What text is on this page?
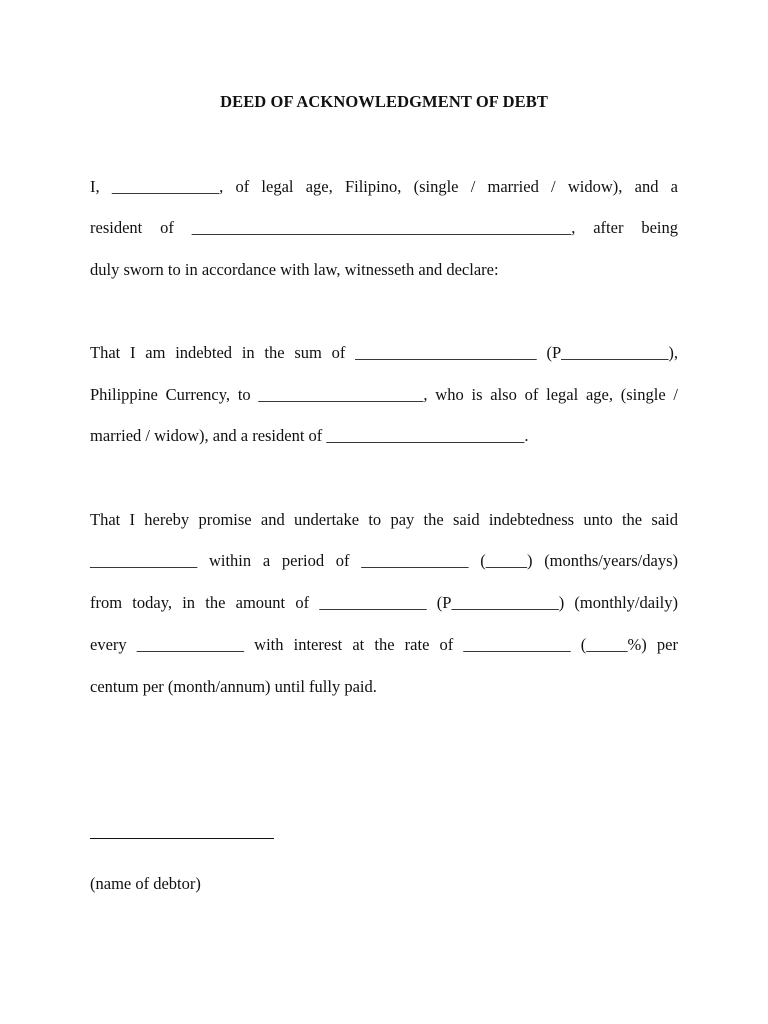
DEED OF ACKNOWLEDGMENT OF DEBT
I, _____________, of legal age, Filipino, (single / married / widow), and a
resident of ______________________________________________, after being
duly sworn to in accordance with law, witnesseth and declare:
That I am indebted in the sum of ______________________ (P_____________),
Philippine Currency, to ____________________, who is also of legal age, (single /
married / widow), and a resident of ________________________.
That I hereby promise and undertake to pay the said indebtedness unto the said
_____________ within a period of _____________ (_____) (months/years/days)
from today, in the amount of _____________ (P_____________) (monthly/daily)
every _____________ with interest at the rate of _____________ (_____%) per
centum per (month/annum) until fully paid.
(name of debtor)
